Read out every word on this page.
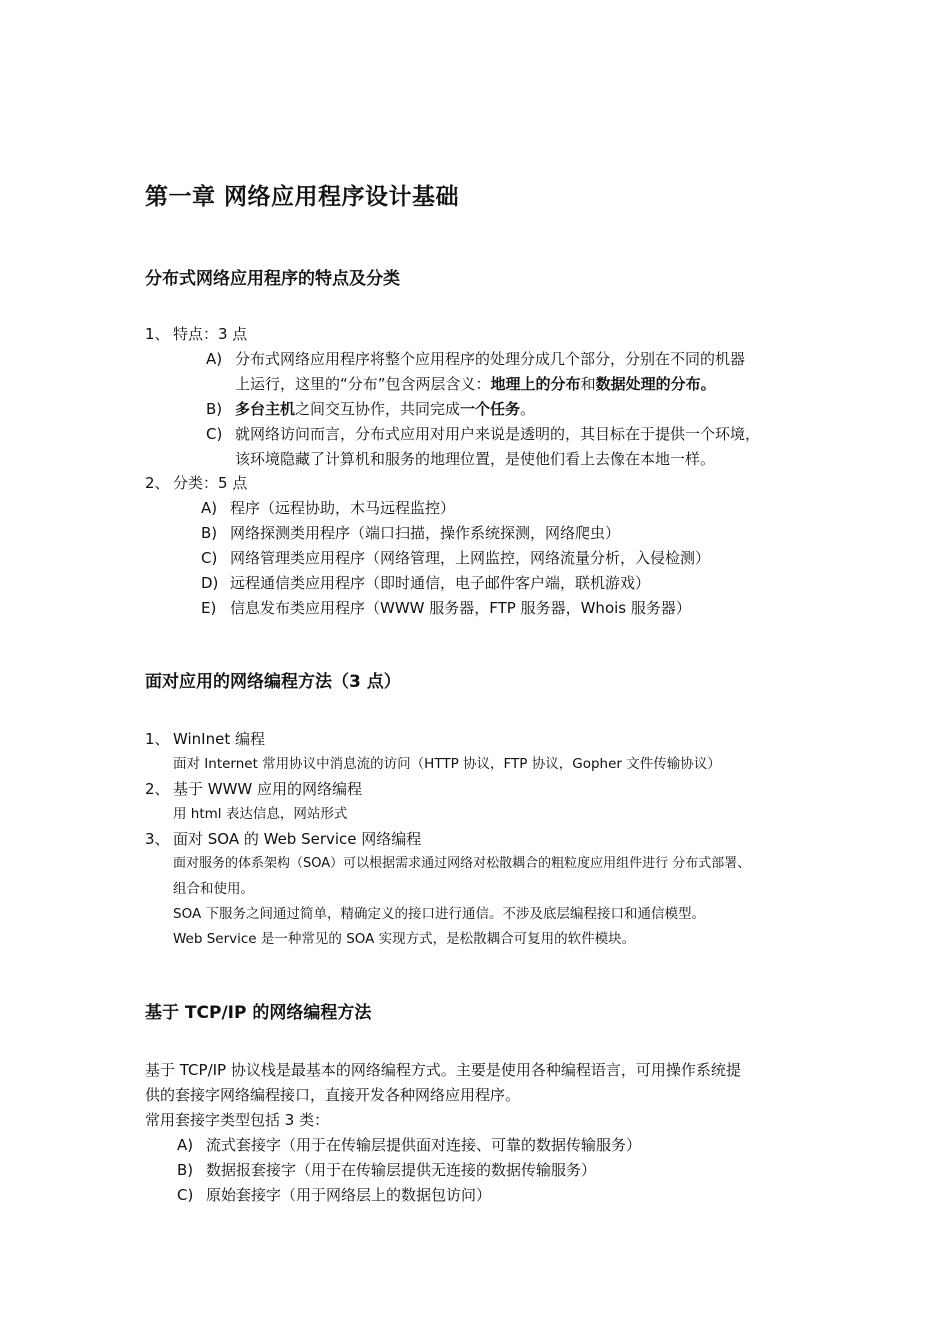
第一章 网络应用程序设计基础
分布式网络应用程序的特点及分类
1、 特点：3 点
A) 分布式网络应用程序将整个应用程序的处理分成几个部分，分别在不同的机器
上运行，这里的“分布”包含两层含义：地理上的分布和数据处理的分布。
B) 多台主机之间交互协作，共同完成一个任务。
C) 就网络访问而言，分布式应用对用户来说是透明的，其目标在于提供一个环境，
该环境隐藏了计算机和服务的地理位置，是使他们看上去像在本地一样。
2、 分类：5 点
A) 程序（远程协助，木马远程监控）
B) 网络探测类用程序（端口扫描，操作系统探测，网络爬虫）
C) 网络管理类应用程序（网络管理，上网监控，网络流量分析，入侵检测）
D) 远程通信类应用程序（即时通信，电子邮件客户端，联机游戏）
E) 信息发布类应用程序（WWW 服务器，FTP 服务器，Whois 服务器）
面对应用的网络编程方法（3 点）
1、 WinInet 编程
面对 Internet 常用协议中消息流的访问（HTTP 协议，FTP 协议，Gopher 文件传输协议）
2、 基于 WWW 应用的网络编程
用 html 表达信息，网站形式
3、 面对 SOA 的 Web Service 网络编程
面对服务的体系架构（SOA）可以根据需求通过网络对松散耦合的粗粒度应用组件进行 分布式部署、
组合和使用。
SOA 下服务之间通过简单，精确定义的接口进行通信。不涉及底层编程接口和通信模型。
Web Service 是一种常见的 SOA 实现方式，是松散耦合可复用的软件模块。
基于 TCP/IP 的网络编程方法
基于 TCP/IP 协议栈是最基本的网络编程方式。主要是使用各种编程语言，可用操作系统提
供的套接字网络编程接口，直接开发各种网络应用程序。
常用套接字类型包括 3 类：
A) 流式套接字（用于在传输层提供面对连接、可靠的数据传输服务）
B) 数据报套接字（用于在传输层提供无连接的数据传输服务）
C) 原始套接字（用于网络层上的数据包访问）
